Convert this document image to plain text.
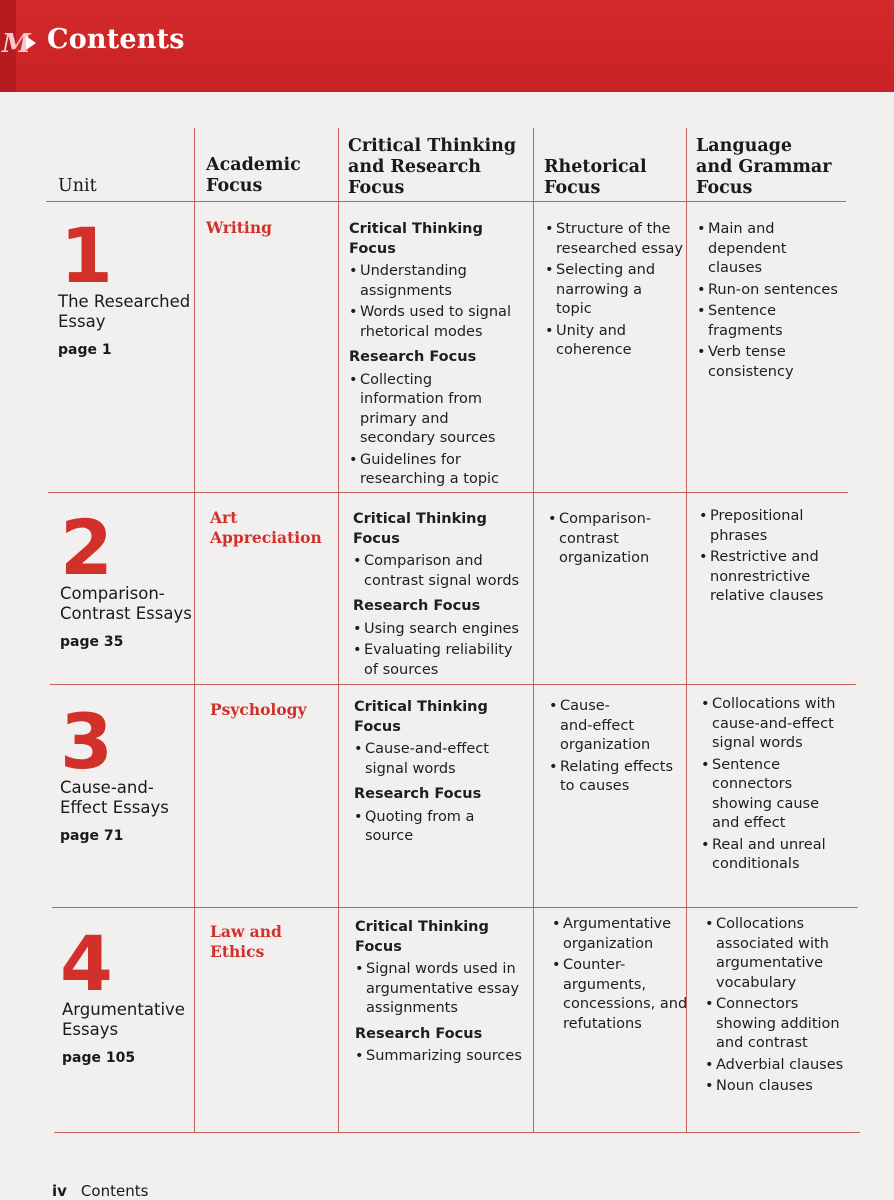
M Contents
Unit
Academic
Focus
Critical Thinking
and Research
Focus
Rhetorical
Focus
Language
and Grammar
Focus
1
The Researched
Essay
page 1
Writing	Critical Thinking Focus
• Understanding
assignments
• Words used to signal
rhetorical modes
Research Focus
• Collecting
information from
primary and
secondary sources
• Guidelines for
researching a topic
• Structure of the
researched essay
• Selecting and
narrowing a
topic
• Unity and
coherence
• Main and
dependent
clauses
• Run-on sentences
• Sentence
fragments
• Verb tense
consistency
2
Comparison-
Contrast Essays
page 35
Art
Appreciation
Critical Thinking Focus
• Comparison and
contrast signal words
Research Focus
• Using search engines
• Evaluating reliability
of sources
• Comparison-
contrast
organization
• Prepositional
phrases
• Restrictive and
nonrestrictive
relative clauses
3
Cause-and-
Effect Essays
page 71
Psychology	Critical Thinking Focus
• Cause-and-effect
signal words
Research Focus
• Quoting from a
source
• Cause-
and-effect
organization
• Relating effects
to causes
• Collocations with
cause-and-effect
signal words
• Sentence
connectors
showing cause
and effect
• Real and unreal
conditionals
4
Argumentative
Essays
page 105
Law and
Ethics
Critical Thinking Focus
• Signal words used in
argumentative essay
assignments
Research Focus
• Summarizing sources
• Argumentative
organization
• Counter-
arguments,
concessions, and
refutations
• Collocations
associated with
argumentative
vocabulary
• Connectors
showing addition
and contrast
• Adverbial clauses
• Noun clauses
iv Contents
